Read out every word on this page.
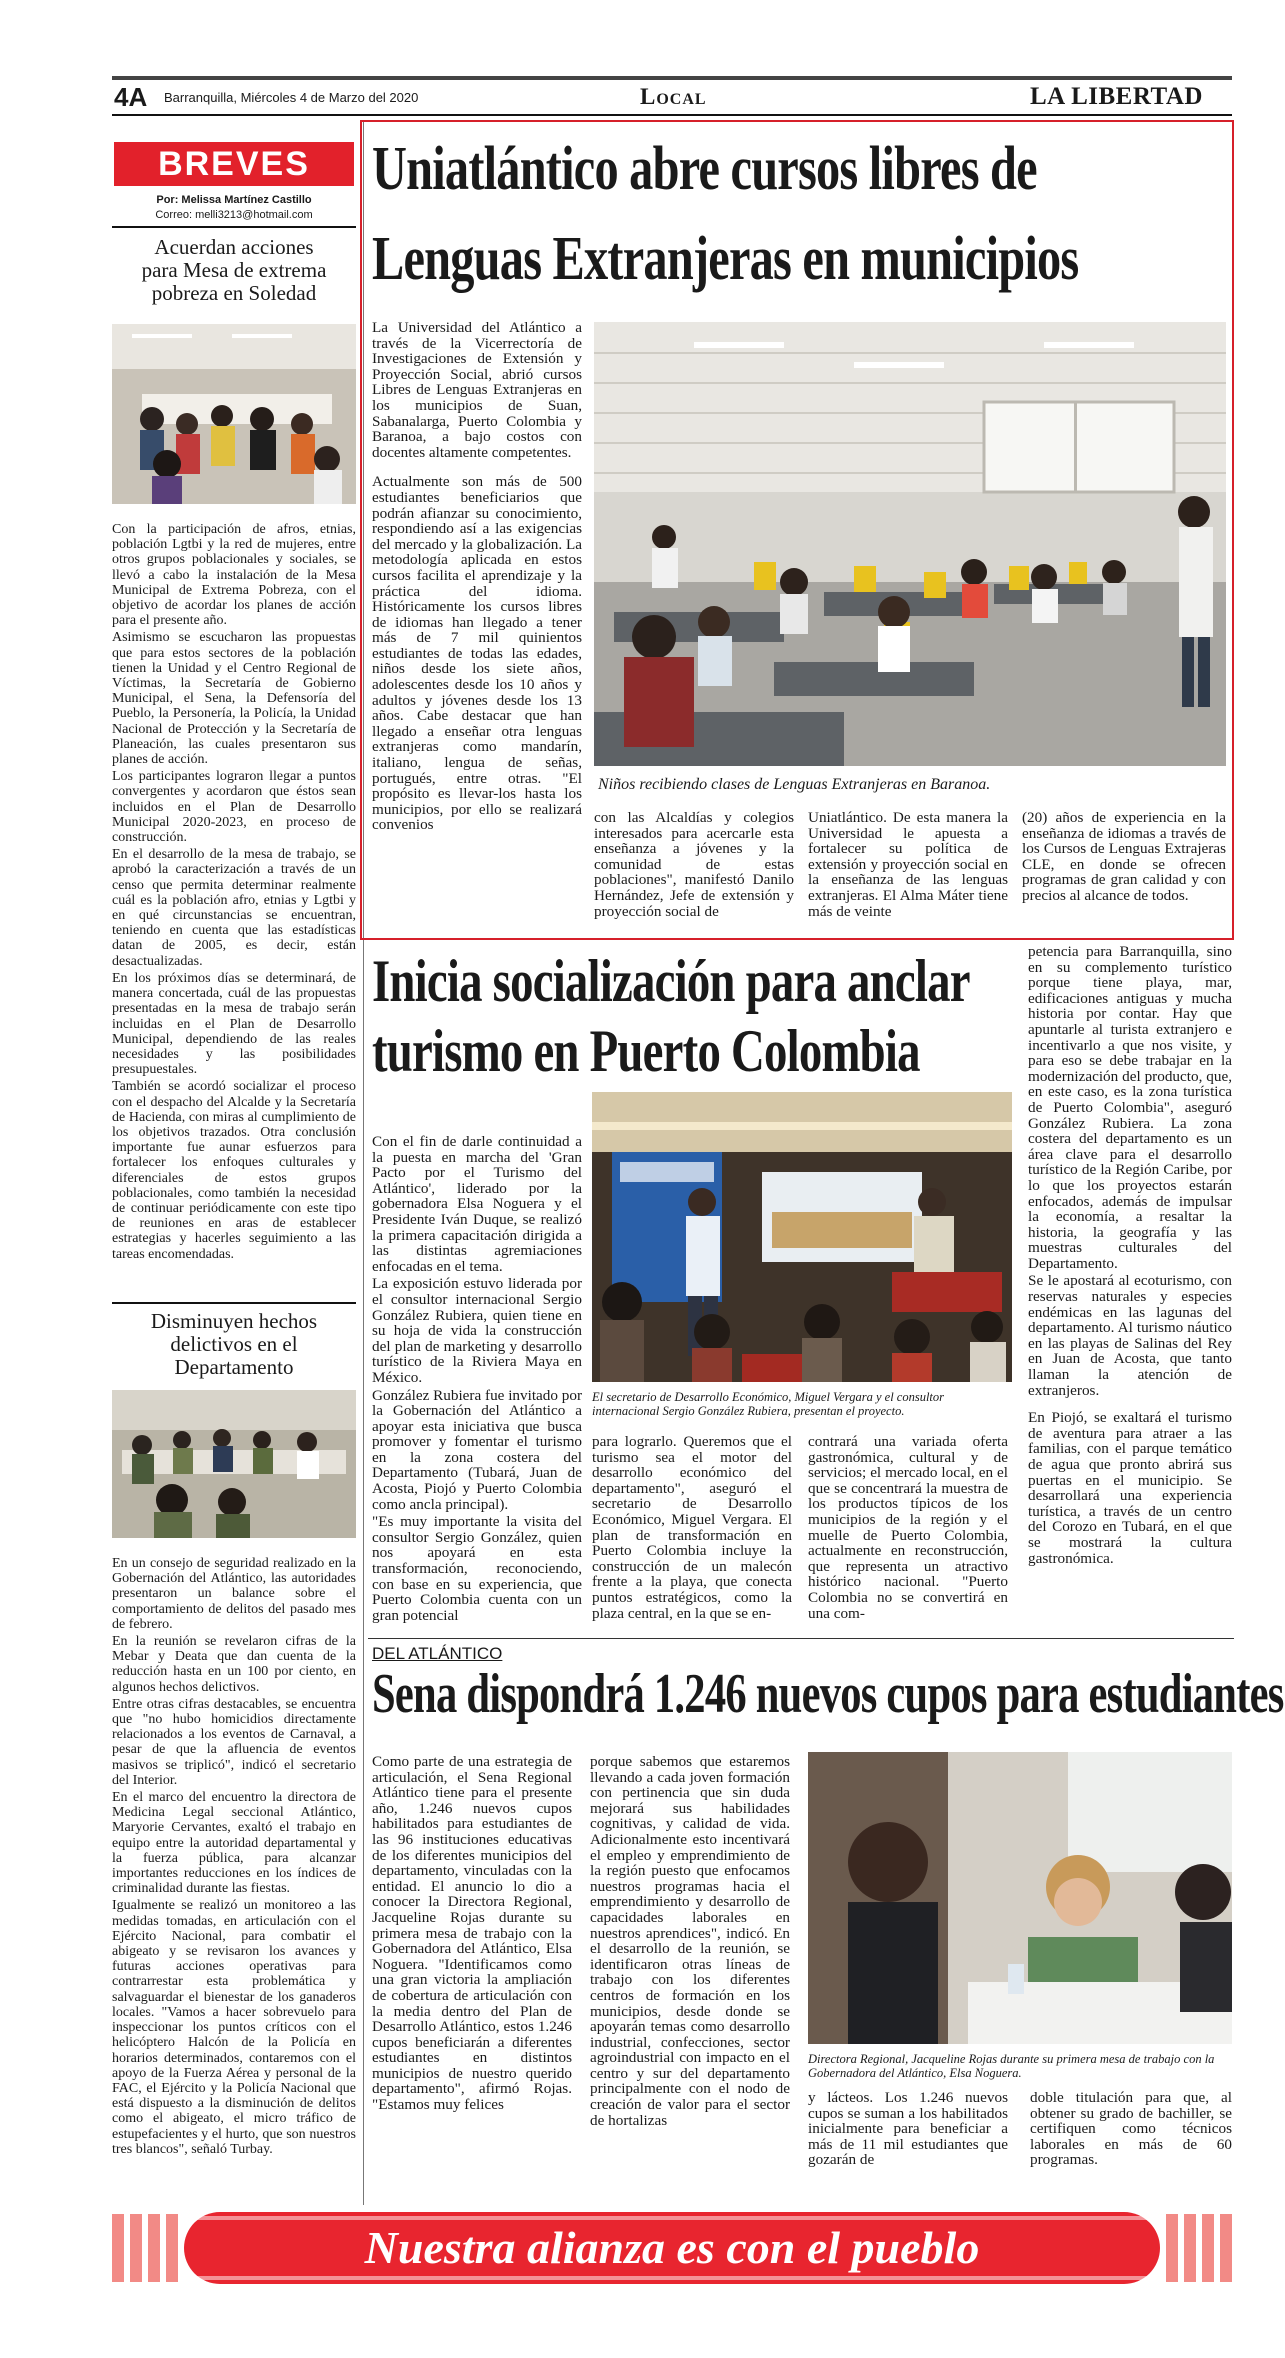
4A Barranquilla, Miércoles 4 de Marzo del 2020	Local	LA LIBERTAD
BREVES
Por: Melissa Martínez Castillo
Correo: melli3213@hotmail.com
Acuerdan acciones para Mesa de extrema pobreza en Soledad

Con la participación de afros, etnias, población Lgtbi y la red de mujeres, entre otros grupos poblacionales y sociales, se llevó a cabo la instalación de la Mesa Municipal de Extrema Pobreza, con el objetivo de acordar los planes de acción para el presente año.

Asimismo se escucharon las propuestas que para estos sectores de la población tienen la Unidad y el Centro Regional de Víctimas, la Secretaría de Gobierno Municipal, el Sena, la Defensoría del Pueblo, la Personería, la Policía, la Unidad Nacional de Protección y la Secretaría de Planeación, las cuales presentaron sus planes de acción.

Los participantes lograron llegar a puntos convergentes y acordaron que éstos sean incluidos en el Plan de Desarrollo Municipal 2020-2023, en proceso de construcción.

En el desarrollo de la mesa de trabajo, se aprobó la caracterización a través de un censo que permita determinar realmente cuál es la población afro, etnias y Lgtbi y en qué circunstancias se encuentran, teniendo en cuenta que las estadísticas datan de 2005, es decir, están desactualizadas.

En los próximos días se determinará, de manera concertada, cuál de las propuestas presentadas en la mesa de trabajo serán incluidas en el Plan de Desarrollo Municipal, dependiendo de las reales necesidades y las posibilidades presupuestales.

También se acordó socializar el proceso con el despacho del Alcalde y la Secretaría de Hacienda, con miras al cumplimiento de los objetivos trazados. Otra conclusión importante fue aunar esfuerzos para fortalecer los enfoques culturales y diferenciales de estos grupos poblacionales, como también la necesidad de continuar periódicamente con este tipo de reuniones en aras de establecer estrategias y hacerles seguimiento a las tareas encomendadas.

Disminuyen hechos delictivos en el Departamento

En un consejo de seguridad realizado en la Gobernación del Atlántico, las autoridades presentaron un balance sobre el comportamiento de delitos del pasado mes de febrero.

En la reunión se revelaron cifras de la Mebar y Deata que dan cuenta de la reducción hasta en un 100 por ciento, en algunos hechos delictivos.

Entre otras cifras destacables, se encuentra que "no hubo homicidios directamente relacionados a los eventos de Carnaval, a pesar de que la afluencia de eventos masivos se triplicó", indicó el secretario del Interior.

En el marco del encuentro la directora de Medicina Legal seccional Atlántico, Maryorie Cervantes, exaltó el trabajo en equipo entre la autoridad departamental y la fuerza pública, para alcanzar importantes reducciones en los índices de criminalidad durante las fiestas.

Igualmente se realizó un monitoreo a las medidas tomadas, en articulación con el Ejército Nacional, para combatir el abigeato y se revisaron los avances y futuras acciones operativas para contrarrestar esta problemática y salvaguardar el bienestar de los ganaderos locales. "Vamos a hacer sobrevuelo para inspeccionar los puntos críticos con el helicóptero Halcón de la Policía en horarios determinados, contaremos con el apoyo de la Fuerza Aérea y personal de la FAC, el Ejército y la Policía Nacional que está dispuesto a la disminución de delitos como el abigeato, el micro tráfico de estupefacientes y el hurto, que son nuestros tres blancos", señaló Turbay.

Uniatlántico abre cursos libres de
Lenguas Extranjeras en municipios

La Universidad del Atlántico a través de la Vicerrectoría de Investigaciones de Extensión y Proyección Social, abrió cursos Libres de Lenguas Extranjeras en los municipios de Suan, Sabanalarga, Puerto Colombia y Baranoa, a bajo costos con docentes altamente competentes.

Actualmente son más de 500 estudiantes beneficiarios que podrán afianzar su conocimiento, respondiendo así a las exigencias del mercado y la globalización. La metodología aplicada en estos cursos facilita el aprendizaje y la práctica del idioma. Históricamente los cursos libres de idiomas han llegado a tener más de 7 mil quinientos estudiantes de todas las edades, niños desde los siete años, adolescentes desde los 10 años y adultos y jóvenes desde los 13 años. Cabe destacar que han llegado a enseñar otra lenguas extranjeras como mandarín, italiano, lengua de señas, portugués, entre otras. "El propósito es llevar-los hasta los municipios, por ello se realizará convenios

Niños recibiendo clases de Lenguas Extranjeras en Baranoa.
con las Alcaldías y colegios interesados para acercarle esta enseñanza a jóvenes y la comunidad de estas poblaciones", manifestó Danilo Hernández, Jefe de extensión y proyección social de
Uniatlántico. De esta manera la Universidad le apuesta a fortalecer su política de extensión y proyección social en la enseñanza de las lenguas extranjeras. El Alma Máter tiene más de veinte
(20) años de experiencia en la enseñanza de idiomas a través de los Cursos de Lenguas Extrajeras CLE, en donde se ofrecen programas de gran calidad y con precios al alcance de todos.
Inicia socialización para anclar
turismo en Puerto Colombia

Con el fin de darle continuidad a la puesta en marcha del 'Gran Pacto por el Turismo del Atlántico', liderado por la gobernadora Elsa Noguera y el Presidente Iván Duque, se realizó la primera capacitación dirigida a las distintas agremiaciones enfocadas en el tema.

La exposición estuvo liderada por el consultor internacional Sergio González Rubiera, quien tiene en su hoja de vida la construcción del plan de marketing y desarrollo turístico de la Riviera Maya en México.

González Rubiera fue invitado por la Gobernación del Atlántico a apoyar esta iniciativa que busca promover y fomentar el turismo en la zona costera del Departamento (Tubará, Juan de Acosta, Piojó y Puerto Colombia como ancla principal).

"Es muy importante la visita del consultor Sergio González, quien nos apoyará en esta transformación, reconociendo, con base en su experiencia, que Puerto Colombia cuenta con un gran potencial

El secretario de Desarrollo Económico, Miguel Vergara y el consultor internacional Sergio González Rubiera, presentan el proyecto.
para lograrlo. Queremos que el turismo sea el motor del desarrollo económico del departamento", aseguró el secretario de Desarrollo Económico, Miguel Vergara. El plan de transformación en Puerto Colombia incluye la construcción de un malecón frente a la playa, que conecta puntos estratégicos, como la plaza central, en la que se en-
contrará una variada oferta gastronómica, cultural y de servicios; el mercado local, en el que se concentrará la muestra de los productos típicos de los municipios de la región y el muelle de Puerto Colombia, actualmente en reconstrucción, que representa un atractivo histórico nacional. "Puerto Colombia no se convertirá en una com-

petencia para Barranquilla, sino en su complemento turístico porque tiene playa, mar, edificaciones antiguas y mucha historia por contar. Hay que apuntarle al turista extranjero e incentivarlo a que nos visite, y para eso se debe trabajar en la modernización del producto, que, en este caso, es la zona turística de Puerto Colombia", aseguró González Rubiera. La zona costera del departamento es un área clave para el desarrollo turístico de la Región Caribe, por lo que los proyectos estarán enfocados, además de impulsar la economía, a resaltar la historia, la geografía y las muestras culturales del Departamento.

Se le apostará al ecoturismo, con reservas naturales y especies endémicas en las lagunas del departamento. Al turismo náutico en las playas de Salinas del Rey en Juan de Acosta, que tanto llaman la atención de extranjeros.

En Piojó, se exaltará el turismo de aventura para atraer a las familias, con el parque temático de agua que pronto abrirá sus puertas en el municipio. Se desarrollará una experiencia turística, a través de un centro del Corozo en Tubará, en el que se mostrará la cultura gastronómica.

DEL ATLÁNTICO
Sena dispondrá 1.246 nuevos cupos para estudiantes
Como parte de una estrategia de articulación, el Sena Regional Atlántico tiene para el presente año, 1.246 nuevos cupos habilitados para estudiantes de las 96 instituciones educativas de los diferentes municipios del departamento, vinculadas con la entidad. El anuncio lo dio a conocer la Directora Regional, Jacqueline Rojas durante su primera mesa de trabajo con la Gobernadora del Atlántico, Elsa Noguera. "Identificamos como una gran victoria la ampliación de cobertura de articulación con la media dentro del Plan de Desarrollo Atlántico, estos 1.246 cupos beneficiarán a diferentes estudiantes en distintos municipios de nuestro querido departamento", afirmó Rojas. "Estamos muy felices
porque sabemos que estaremos llevando a cada joven formación con pertinencia que sin duda mejorará sus habilidades cognitivas, y calidad de vida. Adicionalmente esto incentivará el empleo y emprendimiento de la región puesto que enfocamos nuestros programas hacia el emprendimiento y desarrollo de capacidades laborales en nuestros aprendices", indicó. En el desarrollo de la reunión, se identificaron otras líneas de trabajo con los diferentes centros de formación en los municipios, desde donde se apoyarán temas como desarrollo industrial, confecciones, sector agroindustrial con impacto en el centro y sur del departamento principalmente con el nodo de creación de valor para el sector de hortalizas
Directora Regional, Jacqueline Rojas durante su primera mesa de trabajo con la Gobernadora del Atlántico, Elsa Noguera.
y lácteos. Los 1.246 nuevos cupos se suman a los habilitados inicialmente para beneficiar a más de 11 mil estudiantes que gozarán de
doble titulación para que, al obtener su grado de bachiller, se certifiquen como técnicos laborales en más de 60 programas.
Nuestra alianza es con el pueblo
